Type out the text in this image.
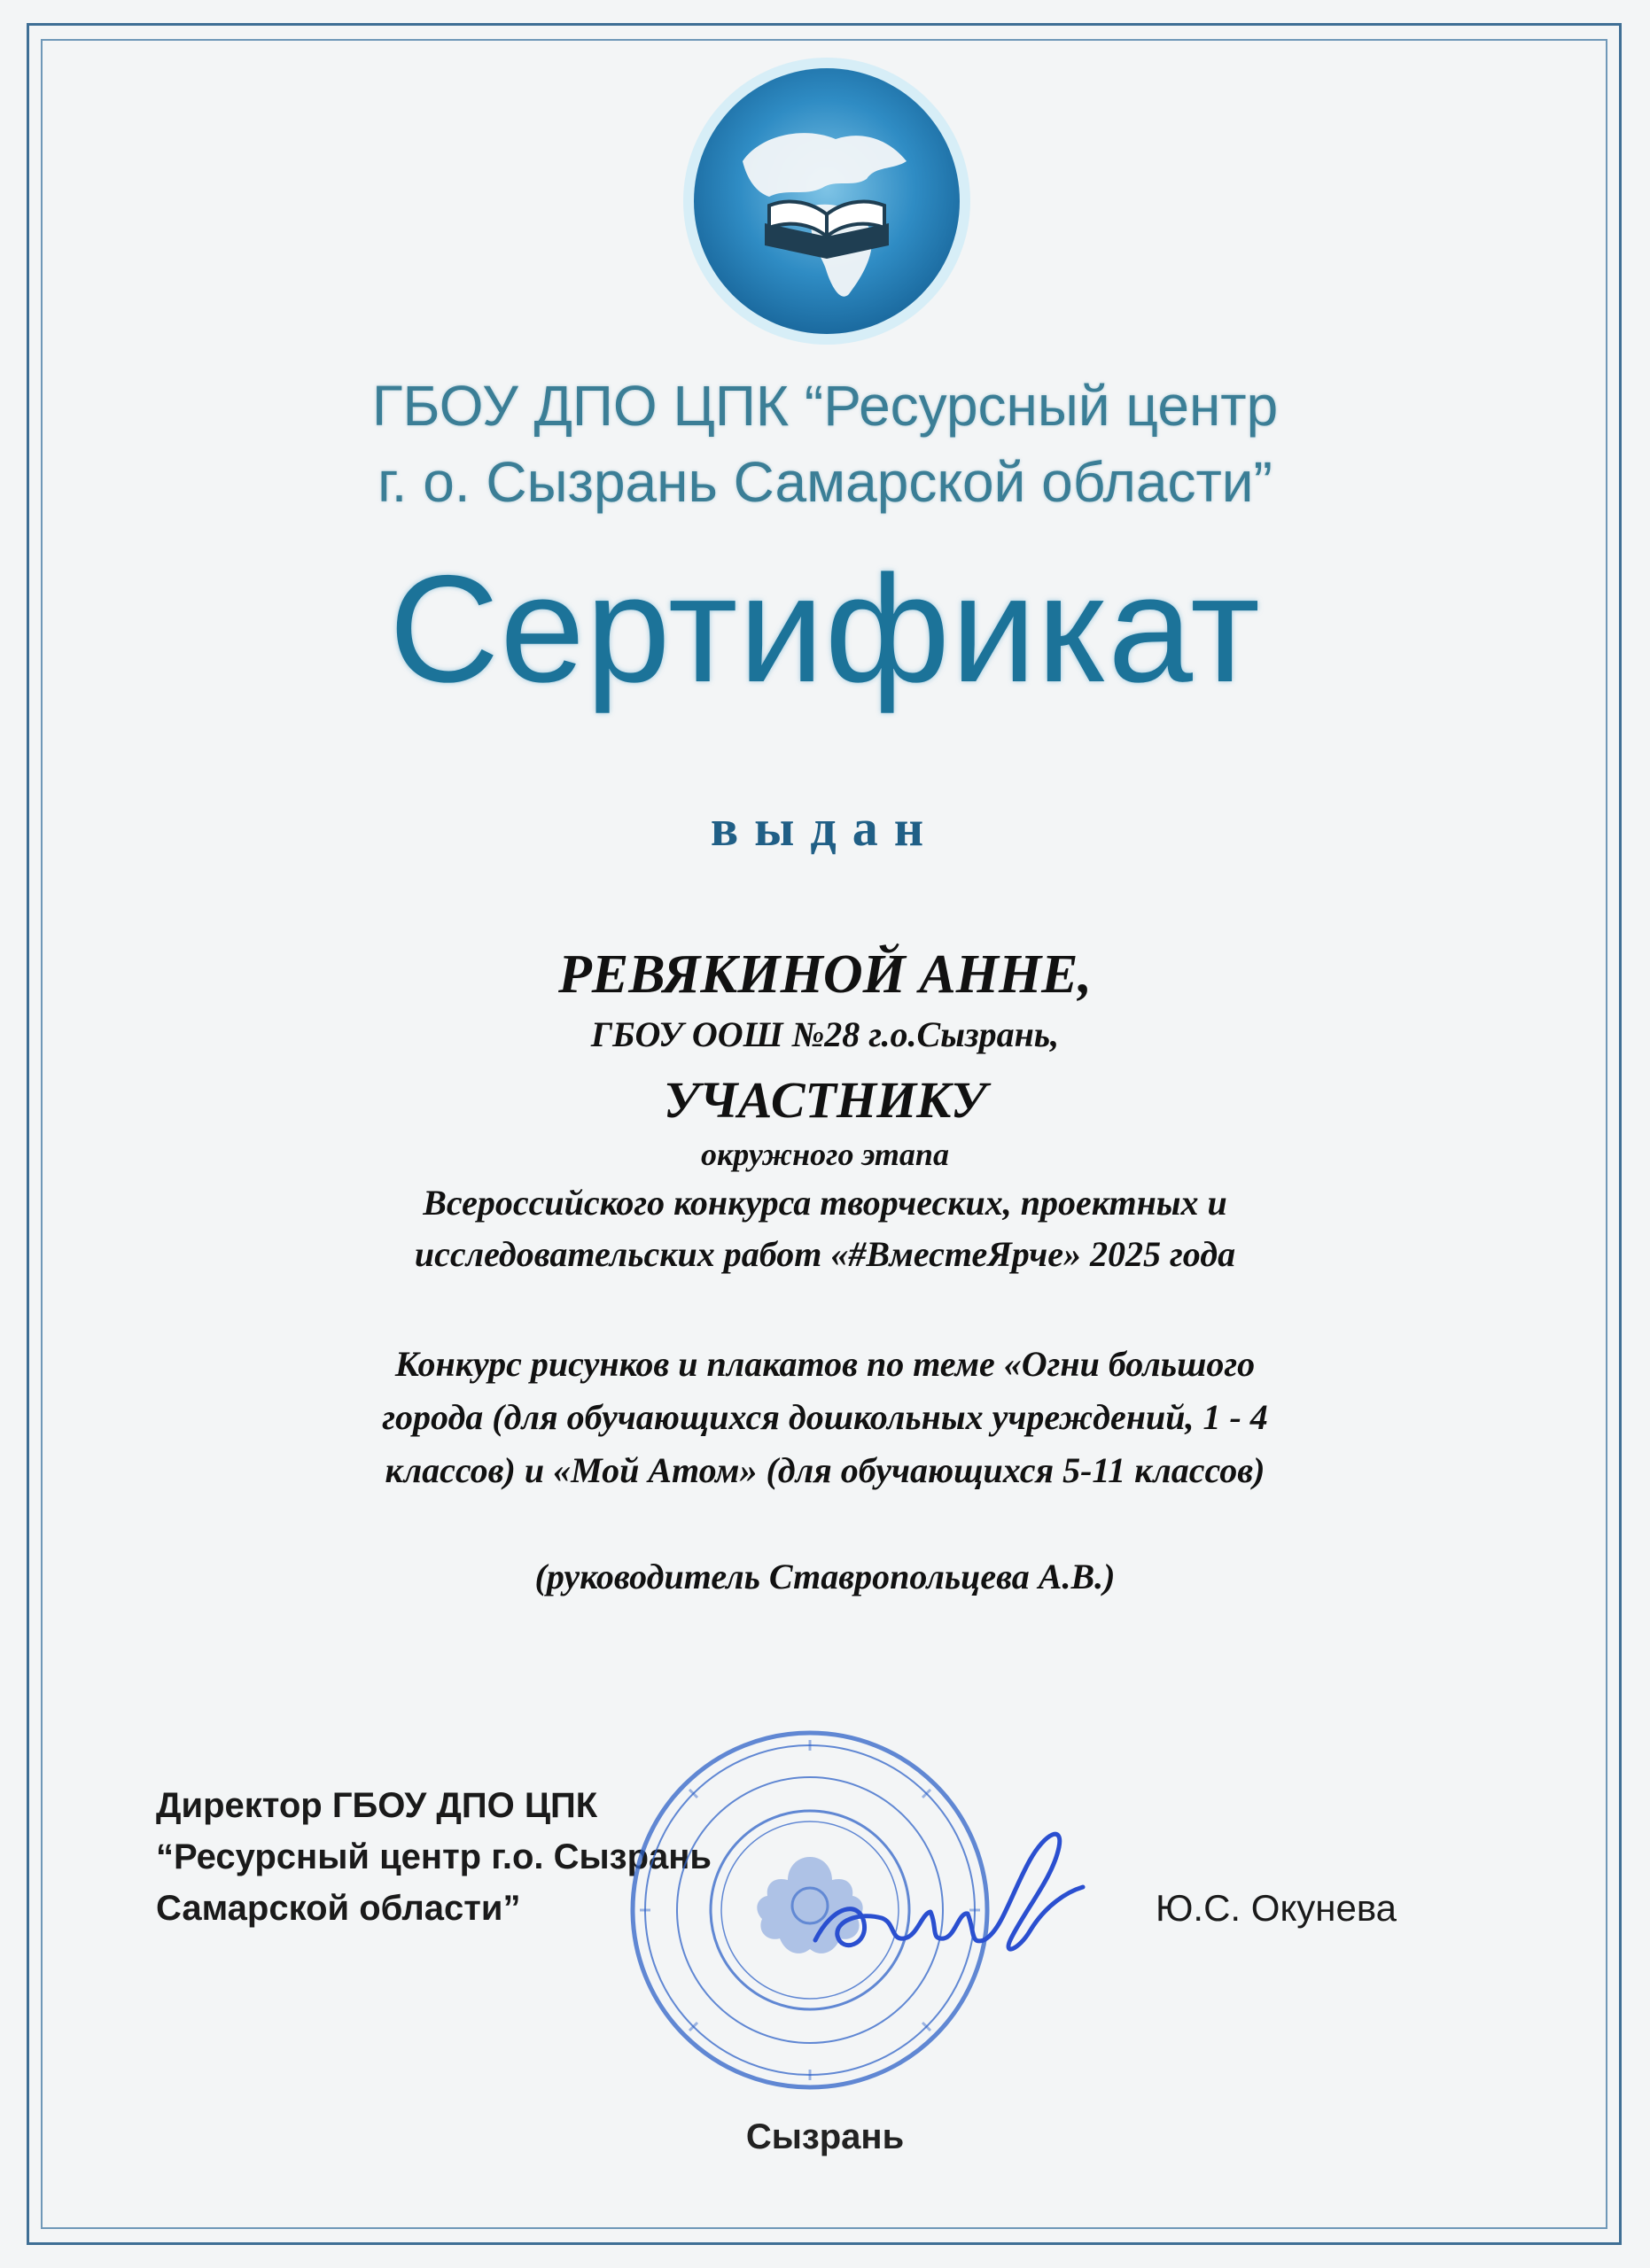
ГБОУ ДПО ЦПК “Ресурсный центр
г. о. Сызрань Самарской области”
Сертификат
выдан
РЕВЯКИНОЙ АННЕ,
ГБОУ ООШ №28 г.о.Сызрань,
УЧАСТНИКУ
окружного этапа
Всероссийского конкурса творческих, проектных и
исследовательских работ «#ВместеЯрче» 2025 года
Конкурс рисунков и плакатов по теме «Огни большого
города (для обучающихся дошкольных учреждений, 1 - 4
классов) и «Мой Атом» (для обучающихся 5-11 классов)
(руководитель Ставропольцева А.В.)
Директор ГБОУ ДПО ЦПК
“Ресурсный центр г.о. Сызрань
Самарской области”	Ю.С. Окунева
Сызрань
